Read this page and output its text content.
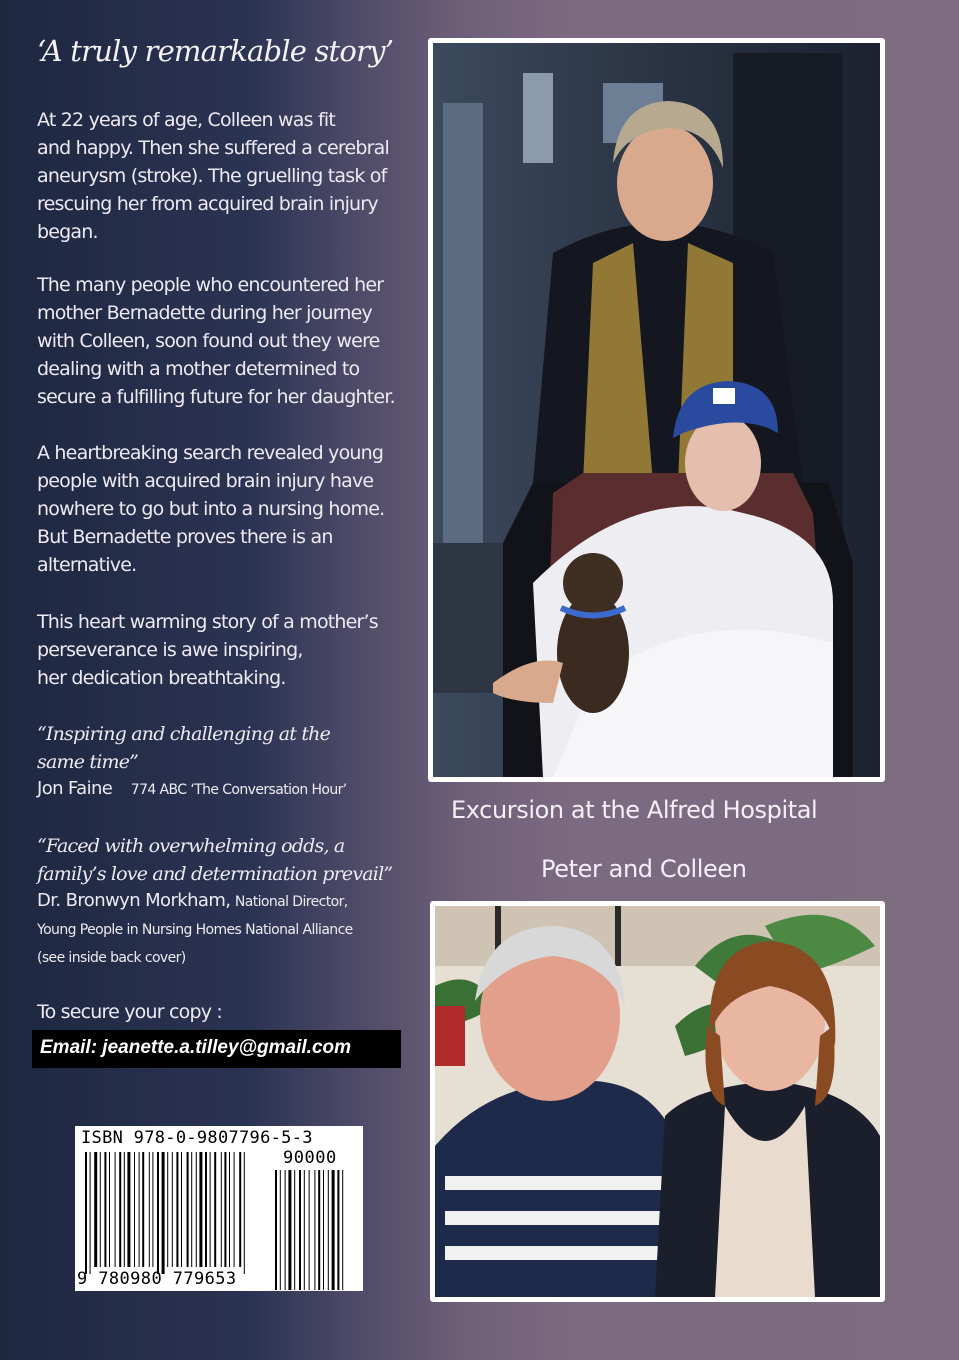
‘A truly remarkable story’

At 22 years of age, Colleen was fit
and happy. Then she suffered a cerebral
aneurysm (stroke). The gruelling task of
rescuing her from acquired brain injury
began.

The many people who encountered her
mother Bernadette during her journey
with Colleen, soon found out they were
dealing with a mother determined to
secure a fulfilling future for her daughter.

A heartbreaking search revealed young
people with acquired brain injury have
nowhere to go but into a nursing home.
But Bernadette proves there is an
alternative.

This heart warming story of a mother’s
perseverance is awe inspiring,
her dedication breathtaking.

“Inspiring and challenging at the
same time”

Jon Faine 774 ABC ‘The Conversation Hour’

“Faced with overwhelming odds, a
family’s love and determination prevail”

Dr. Bronwyn Morkham, National Director,
Young People in Nursing Homes National Alliance
(see inside back cover)
To secure your copy :
Email: jeanette.a.tilley@gmail.com
ISBN 978-0-9807796-5-3
90000
9 780980 779653
Excursion at the Alfred Hospital
Peter and Colleen
